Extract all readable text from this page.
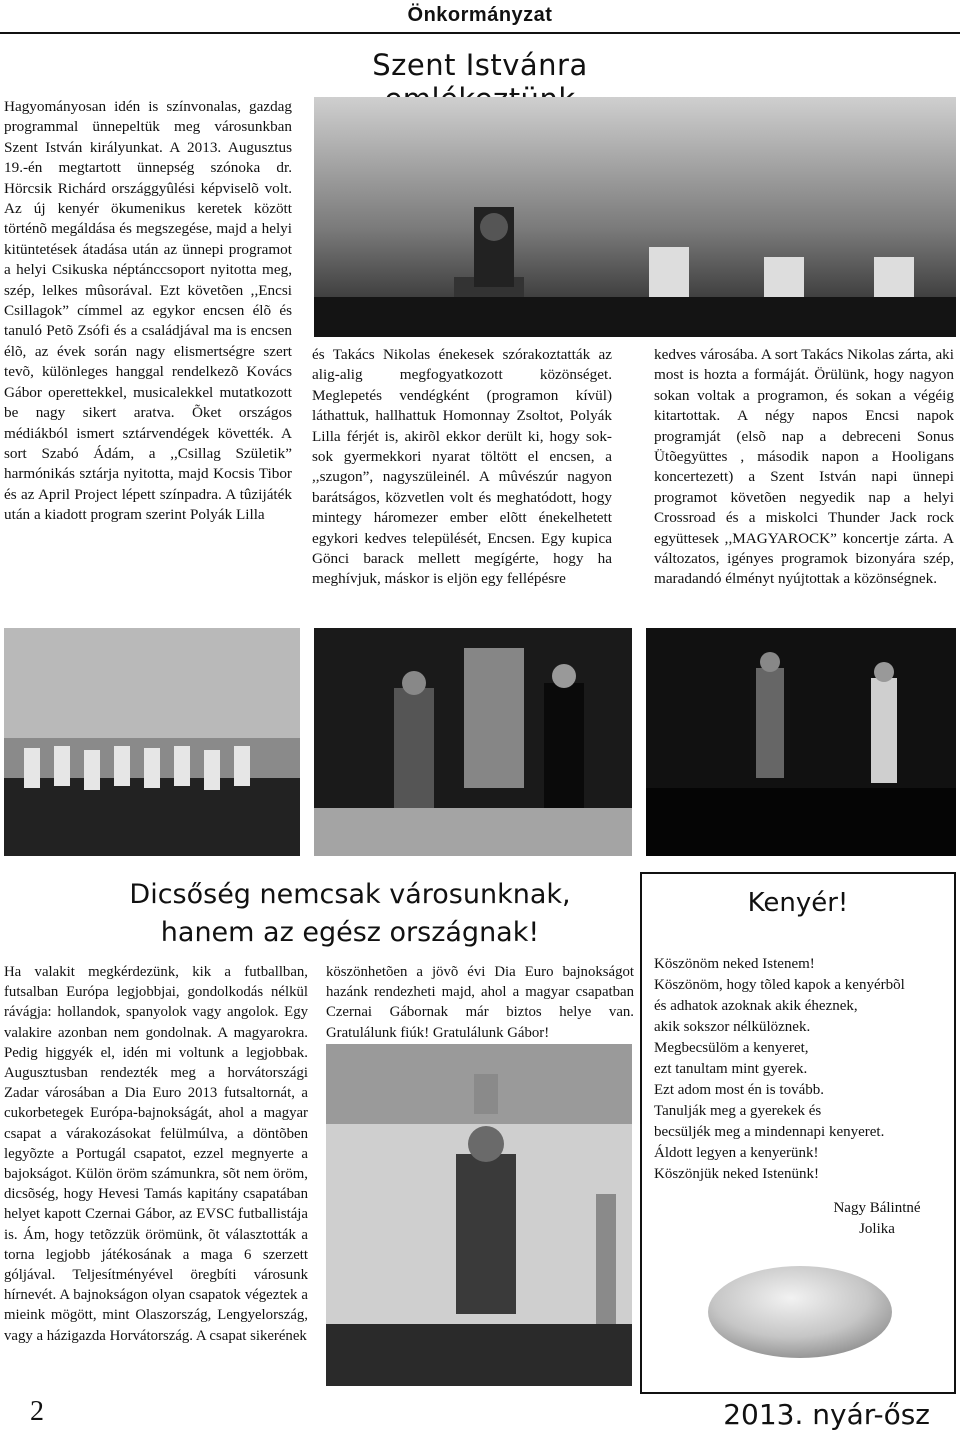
Önkormányzat
Szent Istvánra

Hagyományosan idén is színvonalas, gazdag programmal ünnepeltük meg városunkban Szent István királyunkat. A 2013. Augusztus 19.-én megtartott ünnepség szónoka dr. Hörcsik Richárd országgyûlési képviselõ volt. Az új kenyér ökumenikus keretek között történõ megáldása és megszegése, majd a helyi kitüntetések átadása után az ünnepi programot a helyi Csikuska néptánccsoport nyitotta meg, szép, lelkes mûsorával. Ezt követõen ,,Encsi Csillagok” címmel az egykor encsen élõ és tanuló Petõ Zsófi és a családjával ma is encsen élõ, az évek során nagy elismertségre szert tevõ, különleges hanggal rendelkezõ Kovács Gábor operettekkel, musicalekkel mutatkozott be nagy sikert aratva. Õket országos médiákból ismert sztárvendégek követték. A sort Szabó Ádám, a ,,Csillag Születik” harmónikás sztárja nyitotta, majd Kocsis Tibor és az April Project lépett színpadra. A tûzijáték után a kiadott program szerint Polyák Lilla

és Takács Nikolas énekesek szórakoztatták az alig-alig megfogyatkozott közönséget. Meglepetés vendégként (programon kívül) láthattuk, hallhattuk Homonnay Zsoltot, Polyák Lilla férjét is, akirõl ekkor derült ki, hogy sok-sok gyermekkori nyarat töltött el encsen, a ,,szugon”, nagyszüleinél. A mûvészúr nagyon barátságos, közvetlen volt és meghatódott, hogy mintegy háromezer ember elõtt énekelhetett egykori kedves települését, Encsen. Egy kupica Gönci barack mellett megígérte, hogy ha meghívjuk, máskor is eljön egy fellépésre

kedves városába. A sort Takács Nikolas zárta, aki most is hozta a formáját. Örülünk, hogy nagyon sokan voltak a programon, és sokan a végéig kitartottak. A négy napos Encsi napok programját (elsõ nap a debreceni Sonus Ütõegyüttes , második napon a Hooligans koncertezett) a Szent István napi ünnepi programot követõen negyedik nap a helyi Crossroad és a miskolci Thunder Jack rock együttesek ,,MAGYAROCK” koncertje zárta. A változatos, igényes programok bizonyára szép, maradandó élményt nyújtottak a közönségnek.

Dicsőség nemcsak városunknak,
hanem az egész országnak!

Ha valakit megkérdezünk, kik a futballban, futsalban Európa legjobbjai, gondolkodás nélkül rávágja: hollandok, spanyolok vagy angolok. Egy valakire azonban nem gondolnak. A magyarokra. Pedig higgyék el, idén mi voltunk a legjobbak. Augusztusban rendezték meg a horvátországi Zadar városában a Dia Euro 2013 futsaltornát, a cukorbetegek Európa-bajnokságát, ahol a magyar csapat a várakozásokat felülmúlva, a döntõben legyõzte a Portugál csapatot, ezzel megnyerte a bajokságot. Külön öröm számunkra, sõt nem öröm, dicsõség, hogy Hevesi Tamás kapitány csapatában helyet kapott Czernai Gábor, az EVSC futballistája is. Ám, hogy tetõzzük örömünk, õt választották a torna legjobb játékosának a maga 6 szerzett góljával. Teljesítményével öregbíti városunk hírnevét. A bajnokságon olyan csapatok végeztek a mieink mögött, mint Olaszország, Lengyelország, vagy a házigazda Horvátország. A csapat sikerének

köszönhetõen a jövõ évi Dia Euro bajnokságot hazánk rendezheti majd, ahol a magyar csapatban Czernai Gábornak már biztos helye van. Gratulálunk fiúk! Gratulálunk Gábor!

Kenyér!
Köszönöm neked Istenem!
Köszönöm, hogy tõled kapok a kenyérbõl
és adhatok azoknak akik éheznek,
akik sokszor nélkülöznek.
Megbecsülöm a kenyeret,
ezt tanultam mint gyerek.
Ezt adom most én is tovább.
Tanulják meg a gyerekek és
becsüljék meg a mindennapi kenyeret.
Áldott legyen a kenyerünk!
Köszönjük neked Istenünk!
Nagy Bálintné
Jolika
2	2013. nyár-ősz
